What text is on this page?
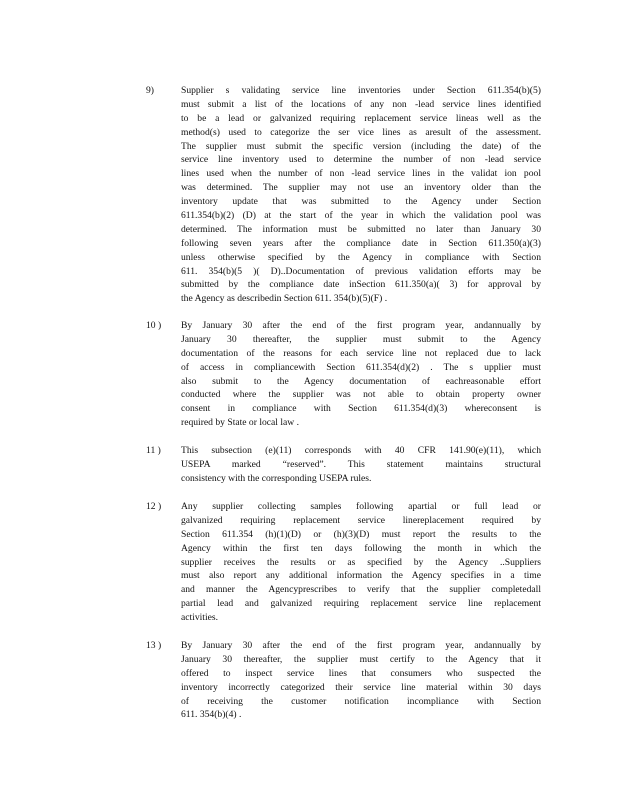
9)	Supplier s validating service line inventories under Section 611.354(b)(5)
must submit a list of the locations of any non -lead service lines identified
to be a lead or galvanized requiring replacement service lineas well as the
method(s) used to categorize the ser vice lines as aresult of the assessment.
The supplier must submit the specific version (including the date) of the
service line inventory used to determine the number of non -lead service
lines used when the number of non -lead service lines in the validat ion pool
was determined. The supplier may not use an inventory older than the
inventory update that was submitted to the Agency under Section
611.354(b)(2) (D) at the start of the year in which the validation pool was
determined. The information must be submitted no later than January 30
following seven years after the compliance date in Section 611.350(a)(3)
unless otherwise specified by the Agency in compliance with Section
611. 354(b)(5 )( D)..Documentation of previous validation efforts may be
submitted by the compliance date inSection 611.350(a)( 3) for approval by
the Agency as describedin Section 611. 354(b)(5)(F) .
10 ) By January 30 after the end of the first program year, andannually by
January 30 thereafter, the supplier must submit to the Agency
documentation of the reasons for each service line not replaced due to lack
of access in compliancewith Section 611.354(d)(2) . The s upplier must
also submit to the Agency documentation of eachreasonable effort
conducted where the supplier was not able to obtain property owner
consent in compliance with Section 611.354(d)(3) whereconsent is
required by State or local law .
11 ) This subsection (e)(11) corresponds with 40 CFR 141.90(e)(11), which
USEPA marked “reserved”. This statement maintains structural
consistency with the corresponding USEPA rules.
12 ) Any supplier collecting samples following apartial or full lead or
galvanized requiring replacement service linereplacement required by
Section 611.354 (h)(1)(D) or (h)(3)(D) must report the results to the
Agency within the first ten days following the month in which the
supplier receives the results or as specified by the Agency ..Suppliers
must also report any additional information the Agency specifies in a time
and manner the Agencyprescribes to verify that the supplier completedall
partial lead and galvanized requiring replacement service line replacement
activities.
13 ) By January 30 after the end of the first program year, andannually by
January 30 thereafter, the supplier must certify to the Agency that it
offered to inspect service lines that consumers who suspected the
inventory incorrectly categorized their service line material within 30 days
of receiving the customer notification incompliance with Section
611. 354(b)(4) .
